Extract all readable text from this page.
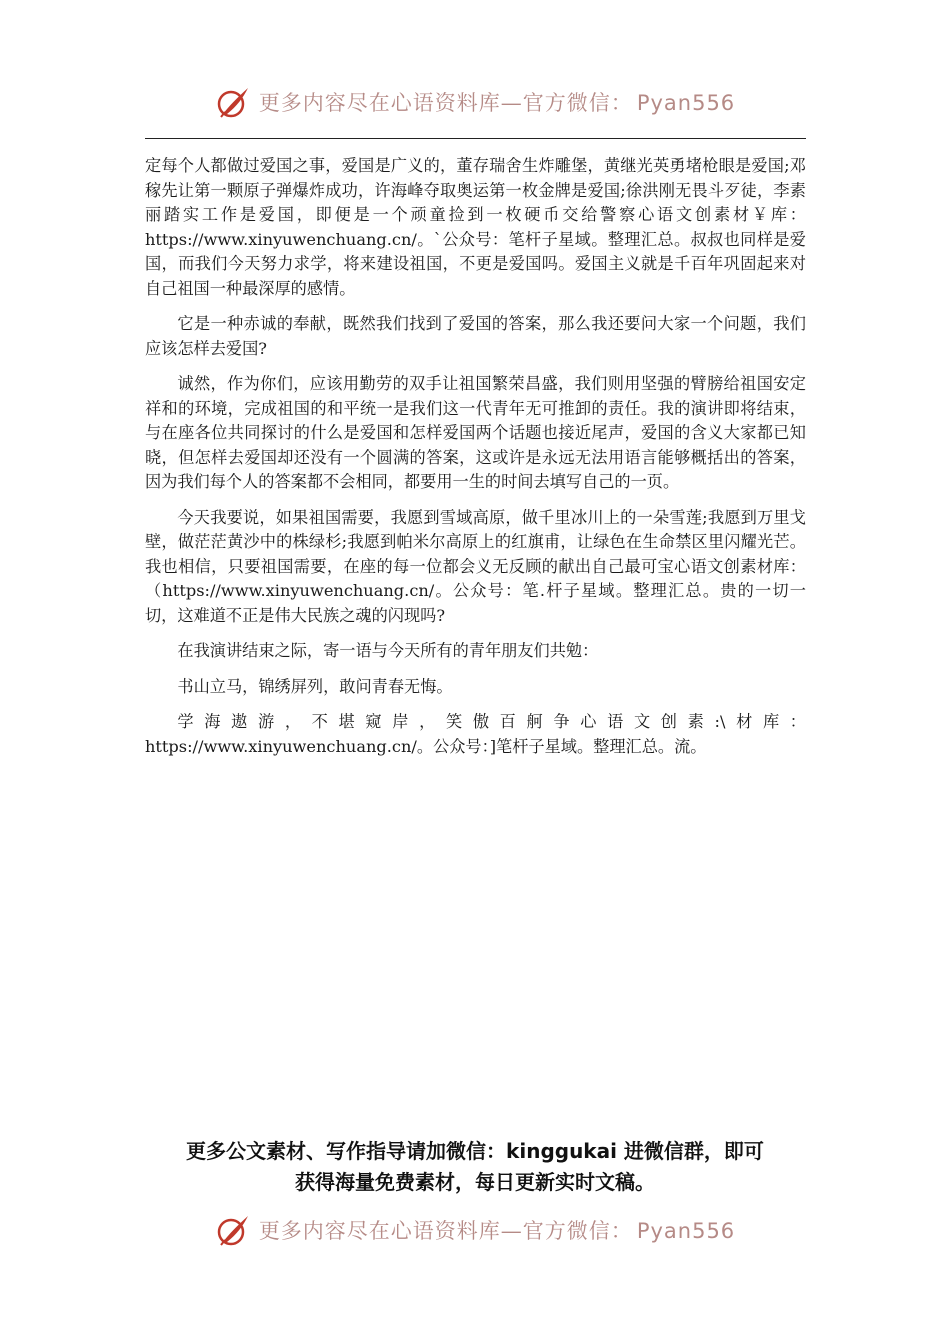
更多内容尽在心语资料库—官方微信： Pyan556

定每个人都做过爱国之事，爱国是广义的，董存瑞舍生炸雕堡，黄继光英勇堵枪眼是爱国;邓稼先让第一颗原子弹爆炸成功，许海峰夺取奥运第一枚金牌是爱国;徐洪刚无畏斗歹徒，李素丽踏实工作是爱国，即便是一个顽童捡到一枚硬币交给警察心语文创素材￥库：https://www.xinyuwenchuang.cn/。`公众号：笔杆子星域。整理汇总。叔叔也同样是爱国，而我们今天努力求学，将来建设祖国，不更是爱国吗。爱国主义就是千百年巩固起来对自己祖国一种最深厚的感情。

它是一种赤诚的奉献，既然我们找到了爱国的答案，那么我还要问大家一个问题，我们应该怎样去爱国?

诚然，作为你们，应该用勤劳的双手让祖国繁荣昌盛，我们则用坚强的臂膀给祖国安定祥和的环境，完成祖国的和平统一是我们这一代青年无可推卸的责任。我的演讲即将结束，与在座各位共同探讨的什么是爱国和怎样爱国两个话题也接近尾声，爱国的含义大家都已知晓，但怎样去爱国却还没有一个圆满的答案，这或许是永远无法用语言能够概括出的答案，因为我们每个人的答案都不会相同，都要用一生的时间去填写自己的一页。

今天我要说，如果祖国需要，我愿到雪域高原，做千里冰川上的一朵雪莲;我愿到万里戈壁，做茫茫黄沙中的株绿杉;我愿到帕米尔高原上的红旗甫，让绿色在生命禁区里闪耀光芒。我也相信，只要祖国需要，在座的每一位都会义无反顾的献出自己最可宝心语文创素材库：（https://www.xinyuwenchuang.cn/。公众号：笔.杆子星域。整理汇总。贵的一切一切，这难道不正是伟大民族之魂的闪现吗?

在我演讲结束之际，寄一语与今天所有的青年朋友们共勉：

书山立马，锦绣屏列，敢问青春无悔。

学海遨游，不堪窥岸，笑傲百舸争心语文创素:\材库：https://www.xinyuwenchuang.cn/。公众号：]笔杆子星域。整理汇总。流。

更多公文素材、写作指导请加微信：kinggukai 进微信群，即可
获得海量免费素材，每日更新实时文稿。
更多内容尽在心语资料库—官方微信： Pyan556
